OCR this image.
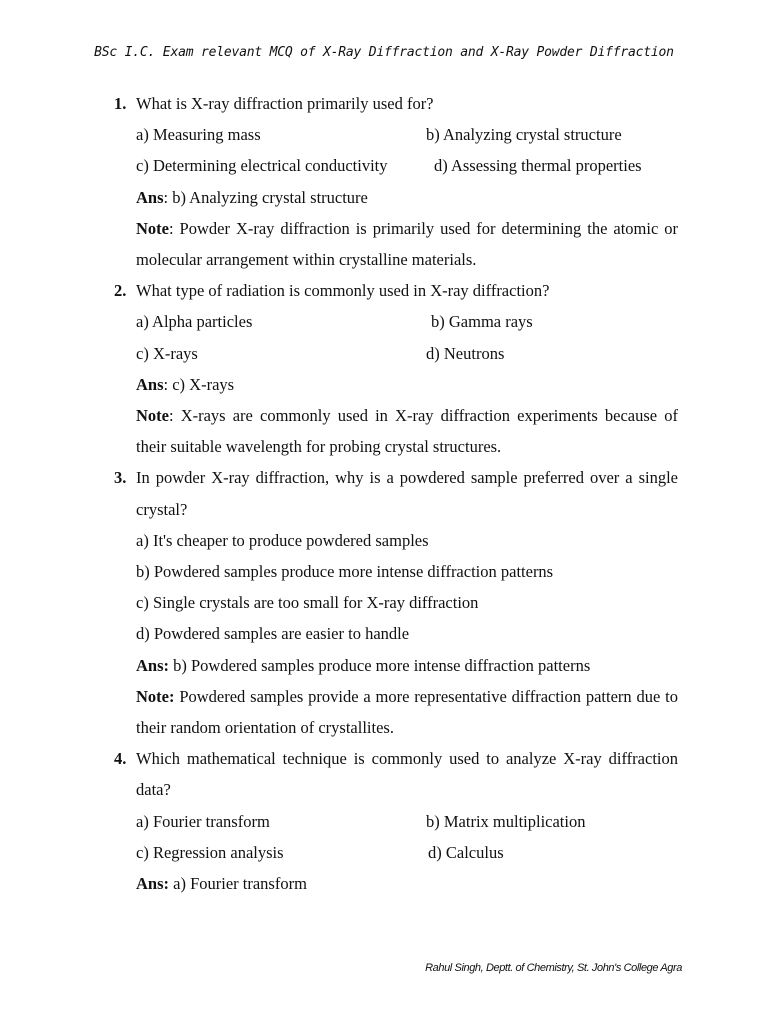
BSc I.C. Exam relevant MCQ of X-Ray Diffraction and X-Ray Powder Diffraction
1. What is X-ray diffraction primarily used for?
a) Measuring mass	b) Analyzing crystal structure
c) Determining electrical conductivity	d) Assessing thermal properties
Ans: b) Analyzing crystal structure
Note: Powder X-ray diffraction is primarily used for determining the atomic or molecular arrangement within crystalline materials.
2. What type of radiation is commonly used in X-ray diffraction?
a) Alpha particles	b) Gamma rays
c) X-rays	d) Neutrons
Ans: c) X-rays
Note: X-rays are commonly used in X-ray diffraction experiments because of their suitable wavelength for probing crystal structures.
3. In powder X-ray diffraction, why is a powdered sample preferred over a single crystal?
a) It's cheaper to produce powdered samples
b) Powdered samples produce more intense diffraction patterns
c) Single crystals are too small for X-ray diffraction
d) Powdered samples are easier to handle
Ans: b) Powdered samples produce more intense diffraction patterns
Note: Powdered samples provide a more representative diffraction pattern due to their random orientation of crystallites.
4. Which mathematical technique is commonly used to analyze X-ray diffraction data?
a) Fourier transform	b) Matrix multiplication
c) Regression analysis	d) Calculus
Ans: a) Fourier transform
Rahul Singh, Deptt. of Chemistry, St. John's College Agra
